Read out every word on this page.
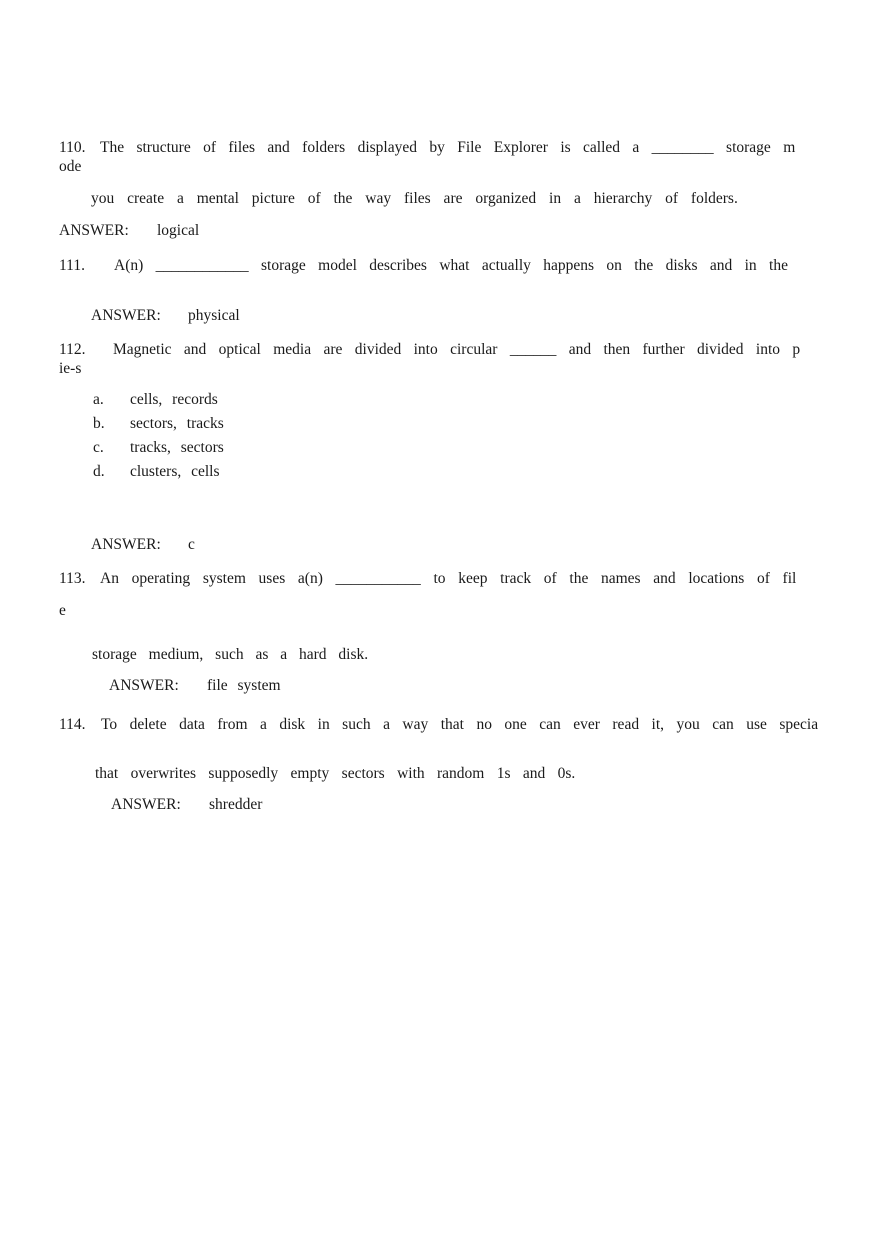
110. The structure of files and folders displayed by File Explorer is called a ________ storage m
ode
you create a mental picture of the way files are organized in a hierarchy of folders.
ANSWER: logical
111. A(n) ____________ storage model describes what actually happens on the disks and in the
ANSWER: physical
112. Magnetic and optical media are divided into circular ______ and then further divided into p
ie-s
a. cells, records
b. sectors, tracks
c. tracks, sectors
d. clusters, cells
ANSWER: c
113. An operating system uses a(n) ___________ to keep track of the names and locations of fil
e
storage medium, such as a hard disk.
ANSWER: file system
114. To delete data from a disk in such a way that no one can ever read it, you can use specia
that overwrites supposedly empty sectors with random 1s and 0s.
ANSWER: shredder
